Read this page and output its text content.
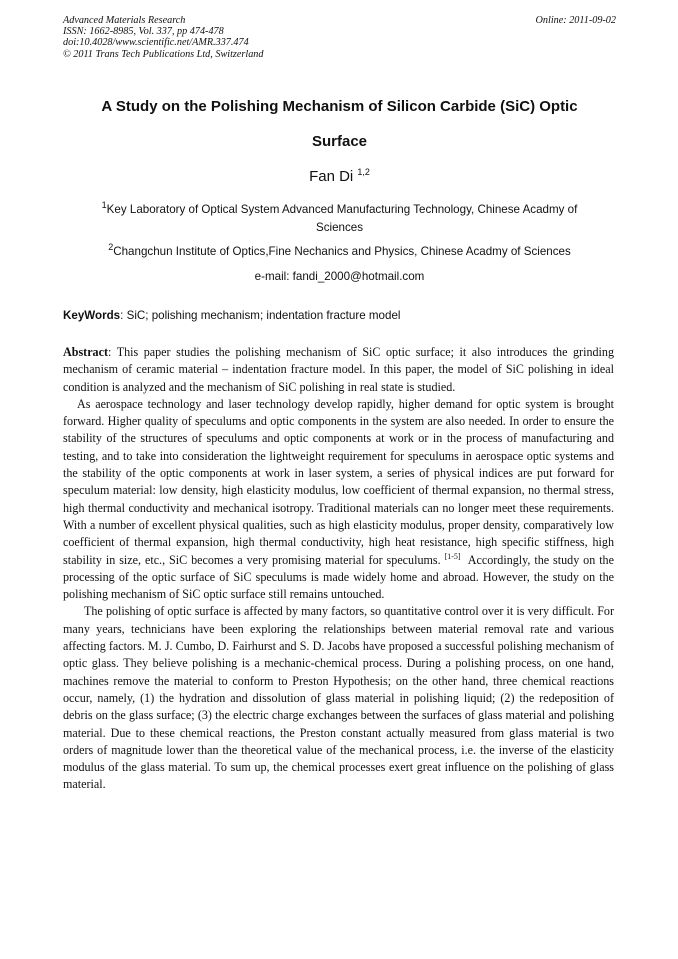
Advanced Materials Research
ISSN: 1662-8985, Vol. 337, pp 474-478
doi:10.4028/www.scientific.net/AMR.337.474
© 2011 Trans Tech Publications Ltd, Switzerland
Online: 2011-09-02
A Study on the Polishing Mechanism of Silicon Carbide (SiC) Optic
Surface
Fan Di $^{1,2}$
$^1$Key Laboratory of Optical System Advanced Manufacturing Technology, Chinese Acadmy of
Sciences
$^2$Changchun Institute of Optics,Fine Nechanics and Physics, Chinese Acadmy of Sciences
e-mail: fandi_2000@hotmail.com
KeyWords: SiC; polishing mechanism; indentation fracture model

Abstract: This paper studies the polishing mechanism of SiC optic surface; it also introduces the grinding mechanism of ceramic material – indentation fracture model. In this paper, the model of SiC polishing in ideal condition is analyzed and the mechanism of SiC polishing in real state is studied.

As aerospace technology and laser technology develop rapidly, higher demand for optic system is brought forward. Higher quality of speculums and optic components in the system are also needed. In order to ensure the stability of the structures of speculums and optic components at work or in the process of manufacturing and testing, and to take into consideration the lightweight requirement for speculums in aerospace optic systems and the stability of the optic components at work in laser system, a series of physical indices are put forward for speculum material: low density, high elasticity modulus, low coefficient of thermal expansion, no thermal stress, high thermal conductivity and mechanical isotropy. Traditional materials can no longer meet these requirements. With a number of excellent physical qualities, such as high elasticity modulus, proper density, comparatively low coefficient of thermal expansion, high thermal conductivity, high heat resistance, high specific stiffness, high stability in size, etc., SiC becomes a very promising material for speculums. [1-5] Accordingly, the study on the processing of the optic surface of SiC speculums is made widely home and abroad. However, the study on the polishing mechanism of SiC optic surface still remains untouched.

The polishing of optic surface is affected by many factors, so quantitative control over it is very difficult. For many years, technicians have been exploring the relationships between material removal rate and various affecting factors. M. J. Cumbo, D. Fairhurst and S. D. Jacobs have proposed a successful polishing mechanism of optic glass. They believe polishing is a mechanic-chemical process. During a polishing process, on one hand, machines remove the material to conform to Preston Hypothesis; on the other hand, three chemical reactions occur, namely, (1) the hydration and dissolution of glass material in polishing liquid; (2) the redeposition of debris on the glass surface; (3) the electric charge exchanges between the surfaces of glass material and polishing material. Due to these chemical reactions, the Preston constant actually measured from glass material is two orders of magnitude lower than the theoretical value of the mechanical process, i.e. the inverse of the elasticity modulus of the glass material. To sum up, the chemical processes exert great influence on the polishing of glass material.
